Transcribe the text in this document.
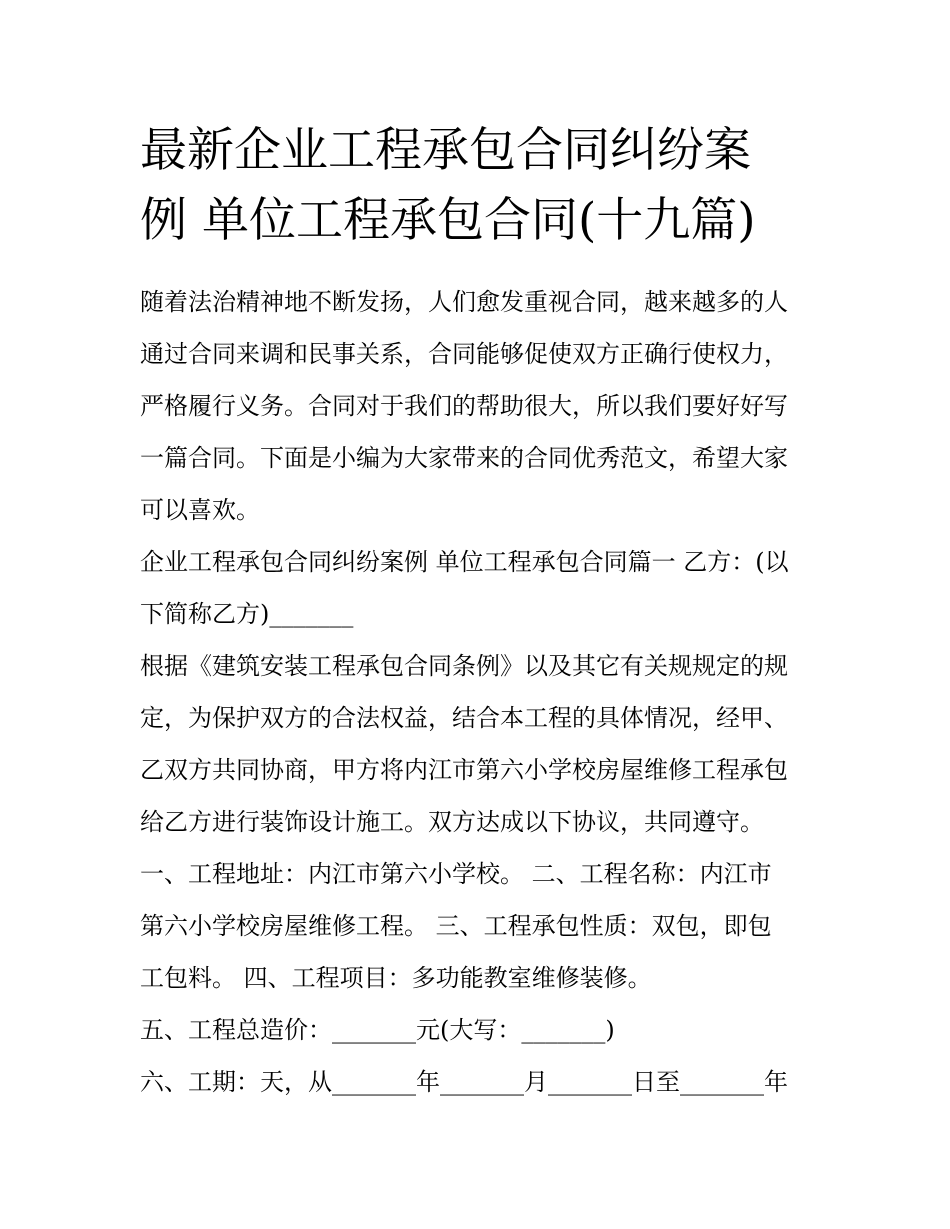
最新企业工程承包合同纠纷案
例 单位工程承包合同(十九篇)

随着法治精神地不断发扬，人们愈发重视合同，越来越多的人
通过合同来调和民事关系，合同能够促使双方正确行使权力，
严格履行义务。合同对于我们的帮助很大，所以我们要好好写
一篇合同。下面是小编为大家带来的合同优秀范文，希望大家
可以喜欢。

企业工程承包合同纠纷案例 单位工程承包合同篇一 乙方：(以
下简称乙方)_______

根据《建筑安装工程承包合同条例》以及其它有关规规定的规
定，为保护双方的合法权益，结合本工程的具体情况，经甲、
乙双方共同协商，甲方将内江市第六小学校房屋维修工程承包
给乙方进行装饰设计施工。双方达成以下协议，共同遵守。

一、工程地址：内江市第六小学校。 二、工程名称：内江市
第六小学校房屋维修工程。 三、工程承包性质：双包，即包
工包料。 四、工程项目：多功能教室维修装修。

五、工程总造价：_______元(大写：_______)

六、工期：天，从_______年_______月_______日至_______年
